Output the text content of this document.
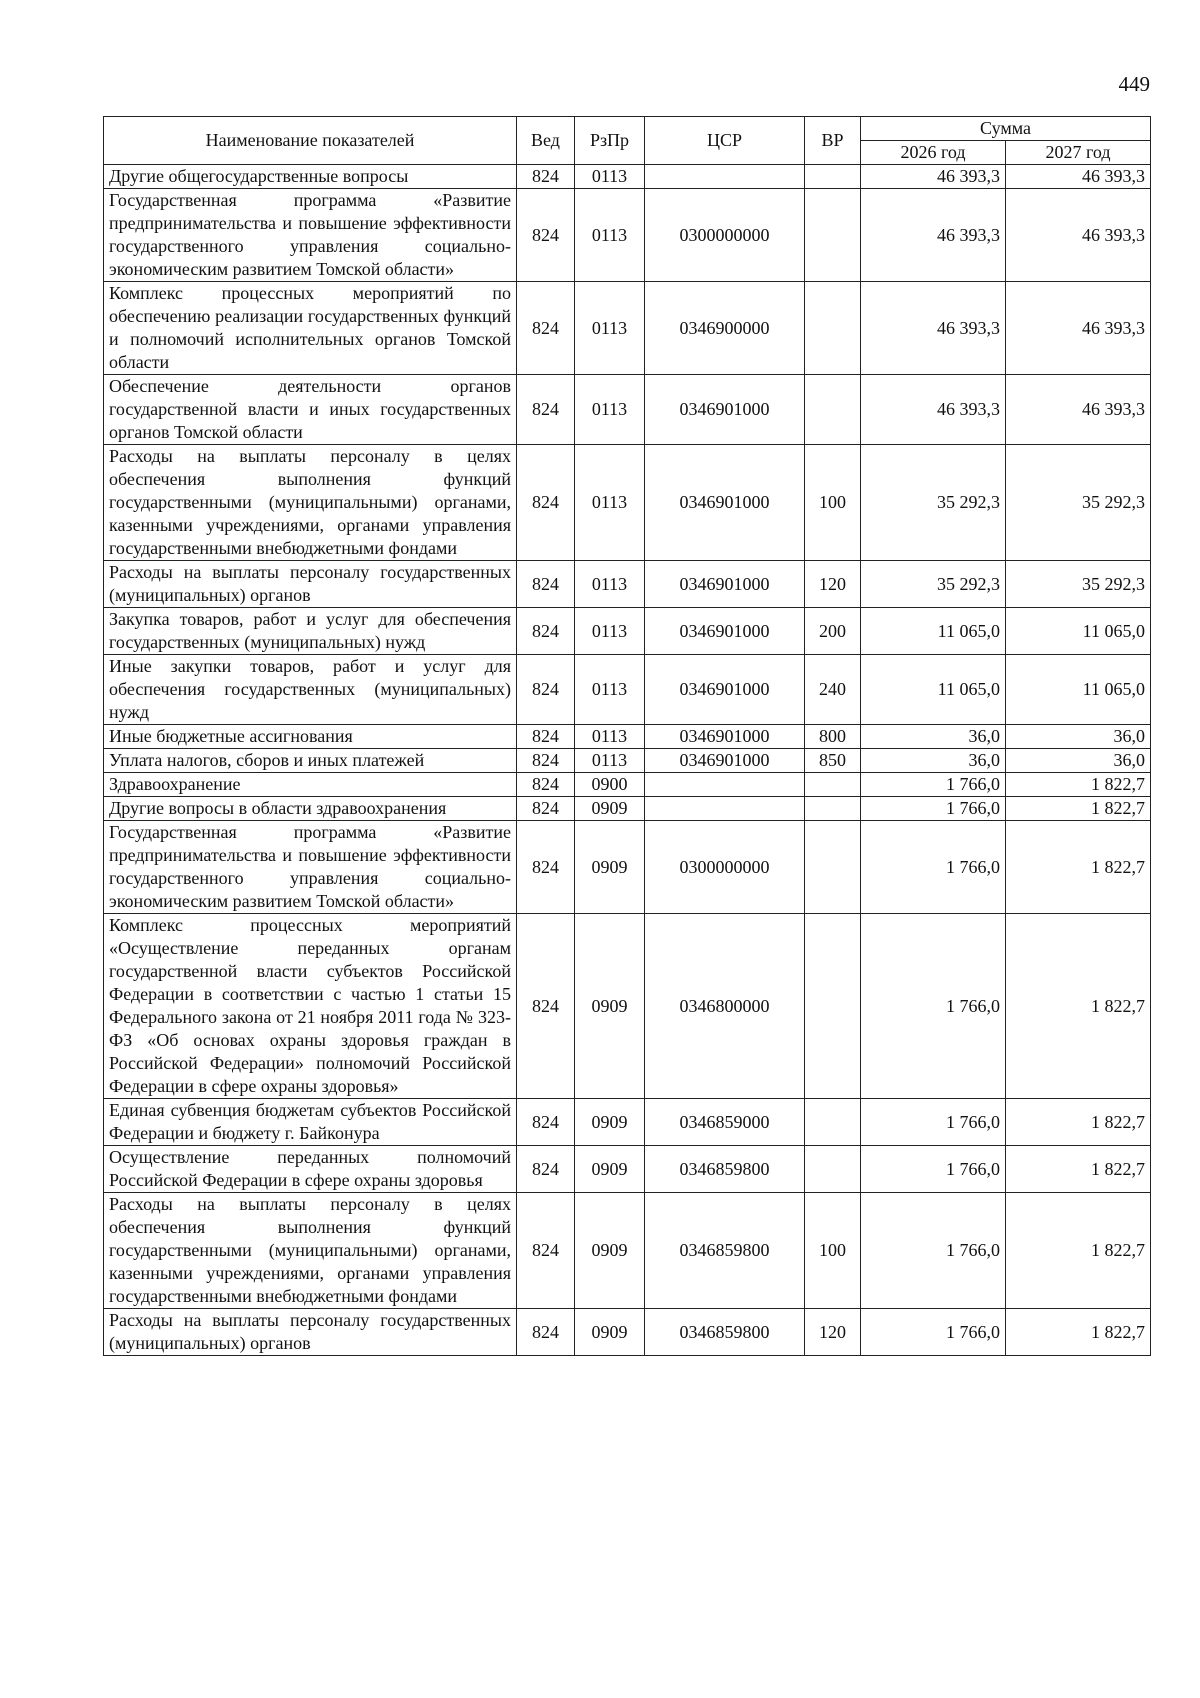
449
Наименование показателей	Вед	РзПр	ЦСР	ВР	Сумма	
					2026 год	2027 год
Другие общегосударственные вопросы	824	0113			46 393,3	46 393,3
Государственная программа «Развитие предпринимательства и повышение эффективности государственного управления социально-экономическим развитием Томской области»	824	0113	0300000000		46 393,3	46 393,3
Комплекс процессных мероприятий по обеспечению реализации государственных функций и полномочий исполнительных органов Томской области	824	0113	0346900000		46 393,3	46 393,3
Обеспечение деятельности органов государственной власти и иных государственных органов Томской области	824	0113	0346901000		46 393,3	46 393,3
Расходы на выплаты персоналу в целях обеспечения выполнения функций государственными (муниципальными) органами, казенными учреждениями, органами управления государственными внебюджетными фондами	824	0113	0346901000	100	35 292,3	35 292,3
Расходы на выплаты персоналу государственных (муниципальных) органов	824	0113	0346901000	120	35 292,3	35 292,3
Закупка товаров, работ и услуг для обеспечения государственных (муниципальных) нужд	824	0113	0346901000	200	11 065,0	11 065,0
Иные закупки товаров, работ и услуг для обеспечения государственных (муниципальных) нужд	824	0113	0346901000	240	11 065,0	11 065,0
Иные бюджетные ассигнования	824	0113	0346901000	800	36,0	36,0
Уплата налогов, сборов и иных платежей	824	0113	0346901000	850	36,0	36,0
Здравоохранение	824	0900			1 766,0	1 822,7
Другие вопросы в области здравоохранения	824	0909			1 766,0	1 822,7
Государственная программа «Развитие предпринимательства и повышение эффективности государственного управления социально-экономическим развитием Томской области»	824	0909	0300000000		1 766,0	1 822,7
Комплекс процессных мероприятий «Осуществление переданных органам государственной власти субъектов Российской Федерации в соответствии с частью 1 статьи 15 Федерального закона от 21 ноября 2011 года № 323-ФЗ «Об основах охраны здоровья граждан в Российской Федерации» полномочий Российской Федерации в сфере охраны здоровья»	824	0909	0346800000		1 766,0	1 822,7
Единая субвенция бюджетам субъектов Российской Федерации и бюджету г. Байконура	824	0909	0346859000		1 766,0	1 822,7
Осуществление переданных полномочий Российской Федерации в сфере охраны здоровья	824	0909	0346859800		1 766,0	1 822,7
Расходы на выплаты персоналу в целях обеспечения выполнения функций государственными (муниципальными) органами, казенными учреждениями, органами управления государственными внебюджетными фондами	824	0909	0346859800	100	1 766,0	1 822,7
Расходы на выплаты персоналу государственных (муниципальных) органов	824	0909	0346859800	120	1 766,0	1 822,7
